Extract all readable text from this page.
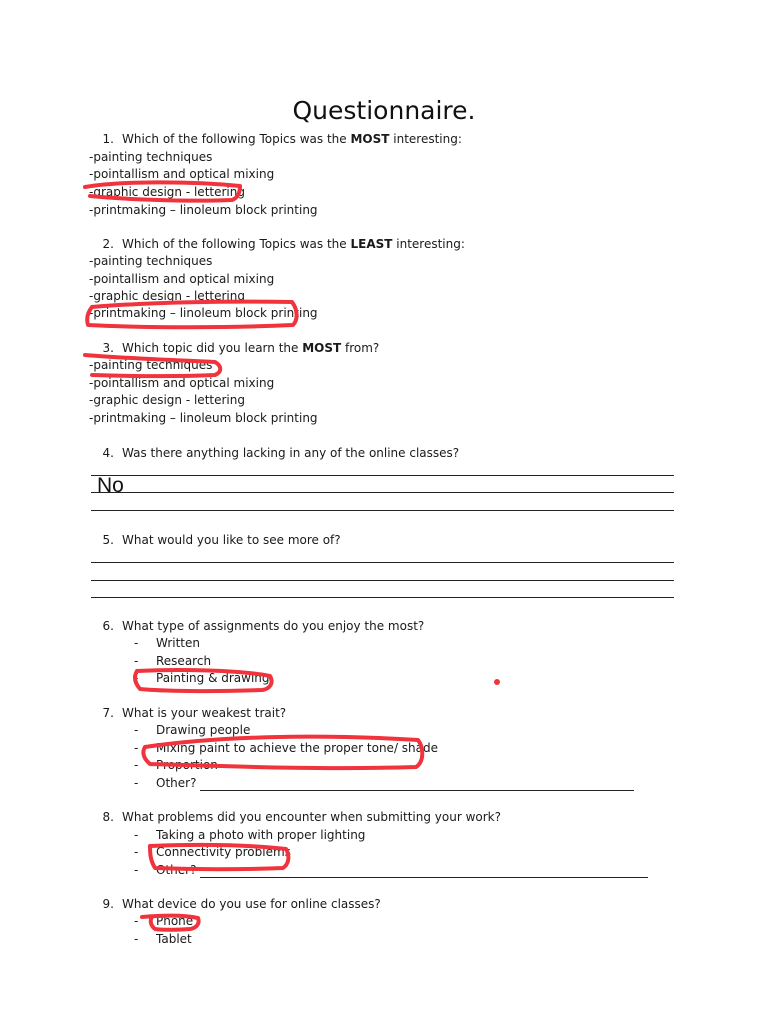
Questionnaire.
1. Which of the following Topics was the MOST interesting:
-painting techniques
-pointallism and optical mixing
-graphic design - lettering
-printmaking – linoleum block printing
2. Which of the following Topics was the LEAST interesting:
-painting techniques
-pointallism and optical mixing
-graphic design - lettering
-printmaking – linoleum block printing
3. Which topic did you learn the MOST from?
-painting techniques
-pointallism and optical mixing
-graphic design - lettering
-printmaking – linoleum block printing
4. Was there anything lacking in any of the online classes?
No
5. What would you like to see more of?
6. What type of assignments do you enjoy the most?
- Written
- Research
- Painting & drawing
7. What is your weakest trait?
- Drawing people
- Mixing paint to achieve the proper tone/ shade
- Proportion
- Other?
8. What problems did you encounter when submitting your work?
- Taking a photo with proper lighting
- Connectivity problems
- Other?
9. What device do you use for online classes?
- Phone
- Tablet
